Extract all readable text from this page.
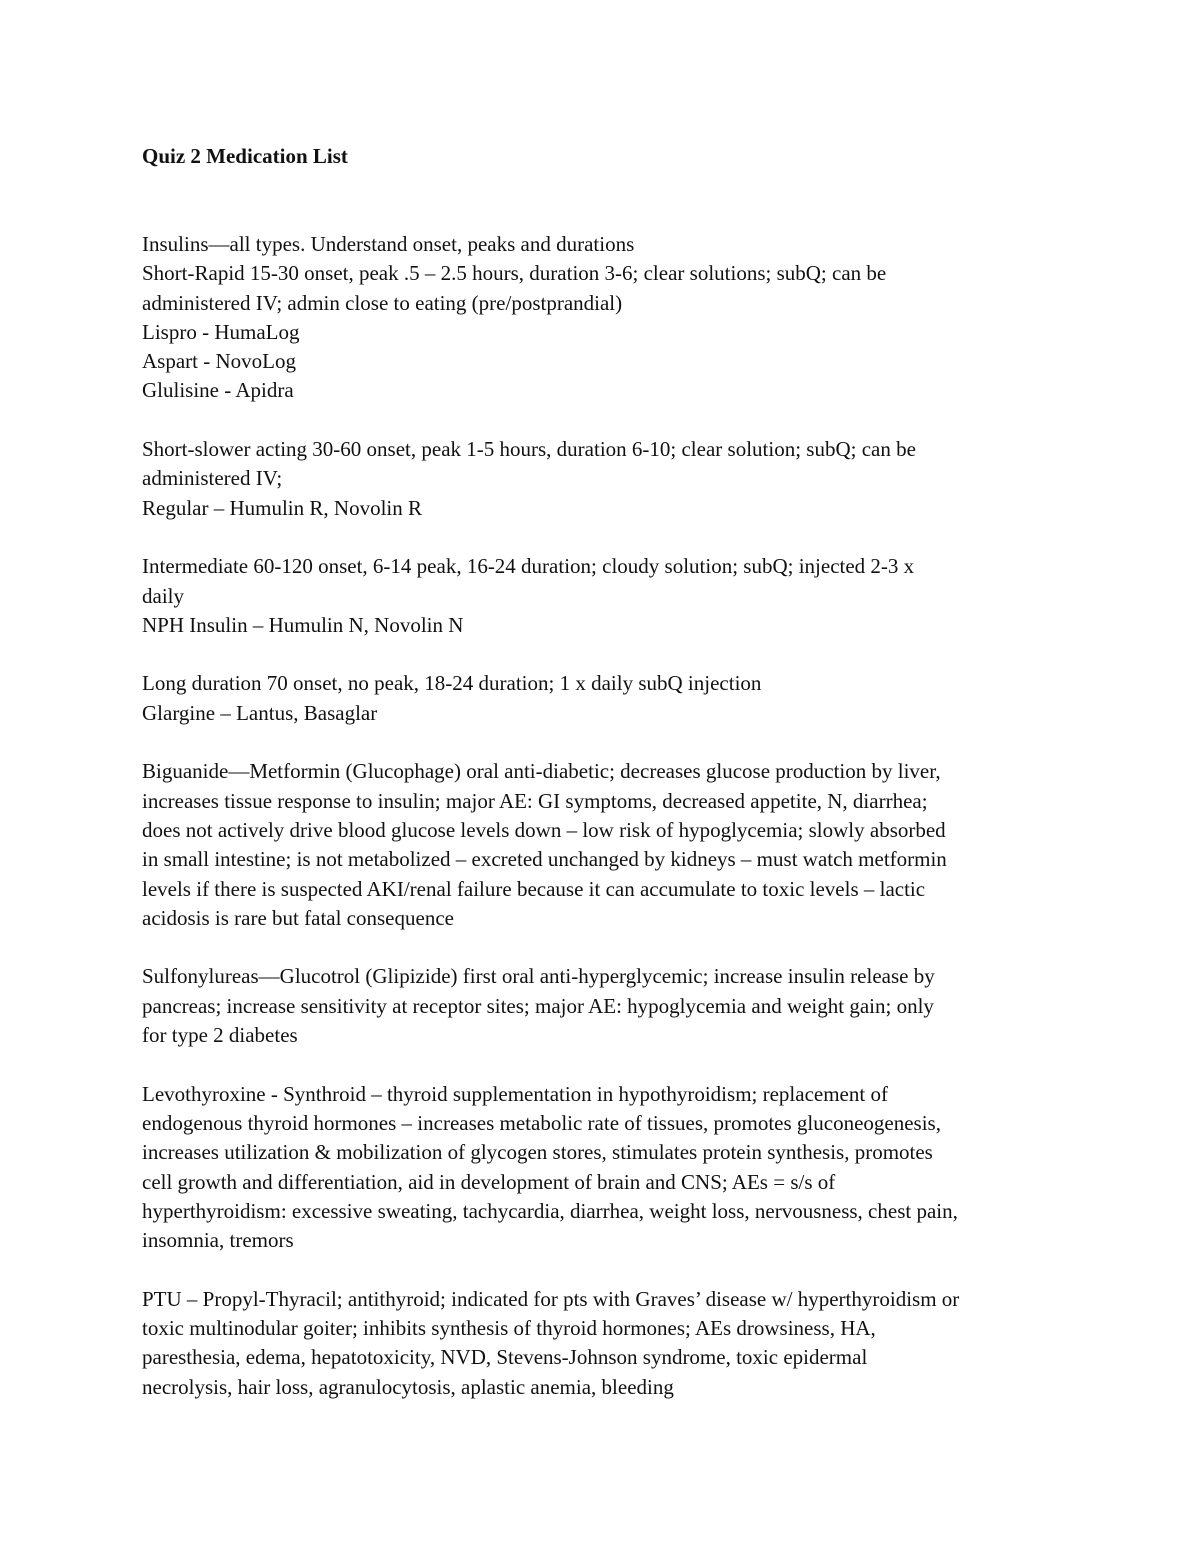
Quiz 2 Medication List
Insulins—all types. Understand onset, peaks and durations
Short-Rapid 15-30 onset, peak .5 – 2.5 hours, duration 3-6; clear solutions; subQ; can be
administered IV; admin close to eating (pre/postprandial)
Lispro - HumaLog
Aspart - NovoLog
Glulisine - Apidra
Short-slower acting 30-60 onset, peak 1-5 hours, duration 6-10; clear solution; subQ; can be
administered IV;
Regular – Humulin R, Novolin R
Intermediate 60-120 onset, 6-14 peak, 16-24 duration; cloudy solution; subQ; injected 2-3 x
daily
NPH Insulin – Humulin N, Novolin N
Long duration 70 onset, no peak, 18-24 duration; 1 x daily subQ injection
Glargine – Lantus, Basaglar
Biguanide—Metformin (Glucophage) oral anti-diabetic; decreases glucose production by liver,
increases tissue response to insulin; major AE: GI symptoms, decreased appetite, N, diarrhea;
does not actively drive blood glucose levels down – low risk of hypoglycemia; slowly absorbed
in small intestine; is not metabolized – excreted unchanged by kidneys – must watch metformin
levels if there is suspected AKI/renal failure because it can accumulate to toxic levels – lactic
acidosis is rare but fatal consequence
Sulfonylureas—Glucotrol (Glipizide) first oral anti-hyperglycemic; increase insulin release by
pancreas; increase sensitivity at receptor sites; major AE: hypoglycemia and weight gain; only
for type 2 diabetes
Levothyroxine - Synthroid – thyroid supplementation in hypothyroidism; replacement of
endogenous thyroid hormones – increases metabolic rate of tissues, promotes gluconeogenesis,
increases utilization & mobilization of glycogen stores, stimulates protein synthesis, promotes
cell growth and differentiation, aid in development of brain and CNS; AEs = s/s of
hyperthyroidism: excessive sweating, tachycardia, diarrhea, weight loss, nervousness, chest pain,
insomnia, tremors
PTU – Propyl-Thyracil; antithyroid; indicated for pts with Graves’ disease w/ hyperthyroidism or
toxic multinodular goiter; inhibits synthesis of thyroid hormones; AEs drowsiness, HA,
paresthesia, edema, hepatotoxicity, NVD, Stevens-Johnson syndrome, toxic epidermal
necrolysis, hair loss, agranulocytosis, aplastic anemia, bleeding
